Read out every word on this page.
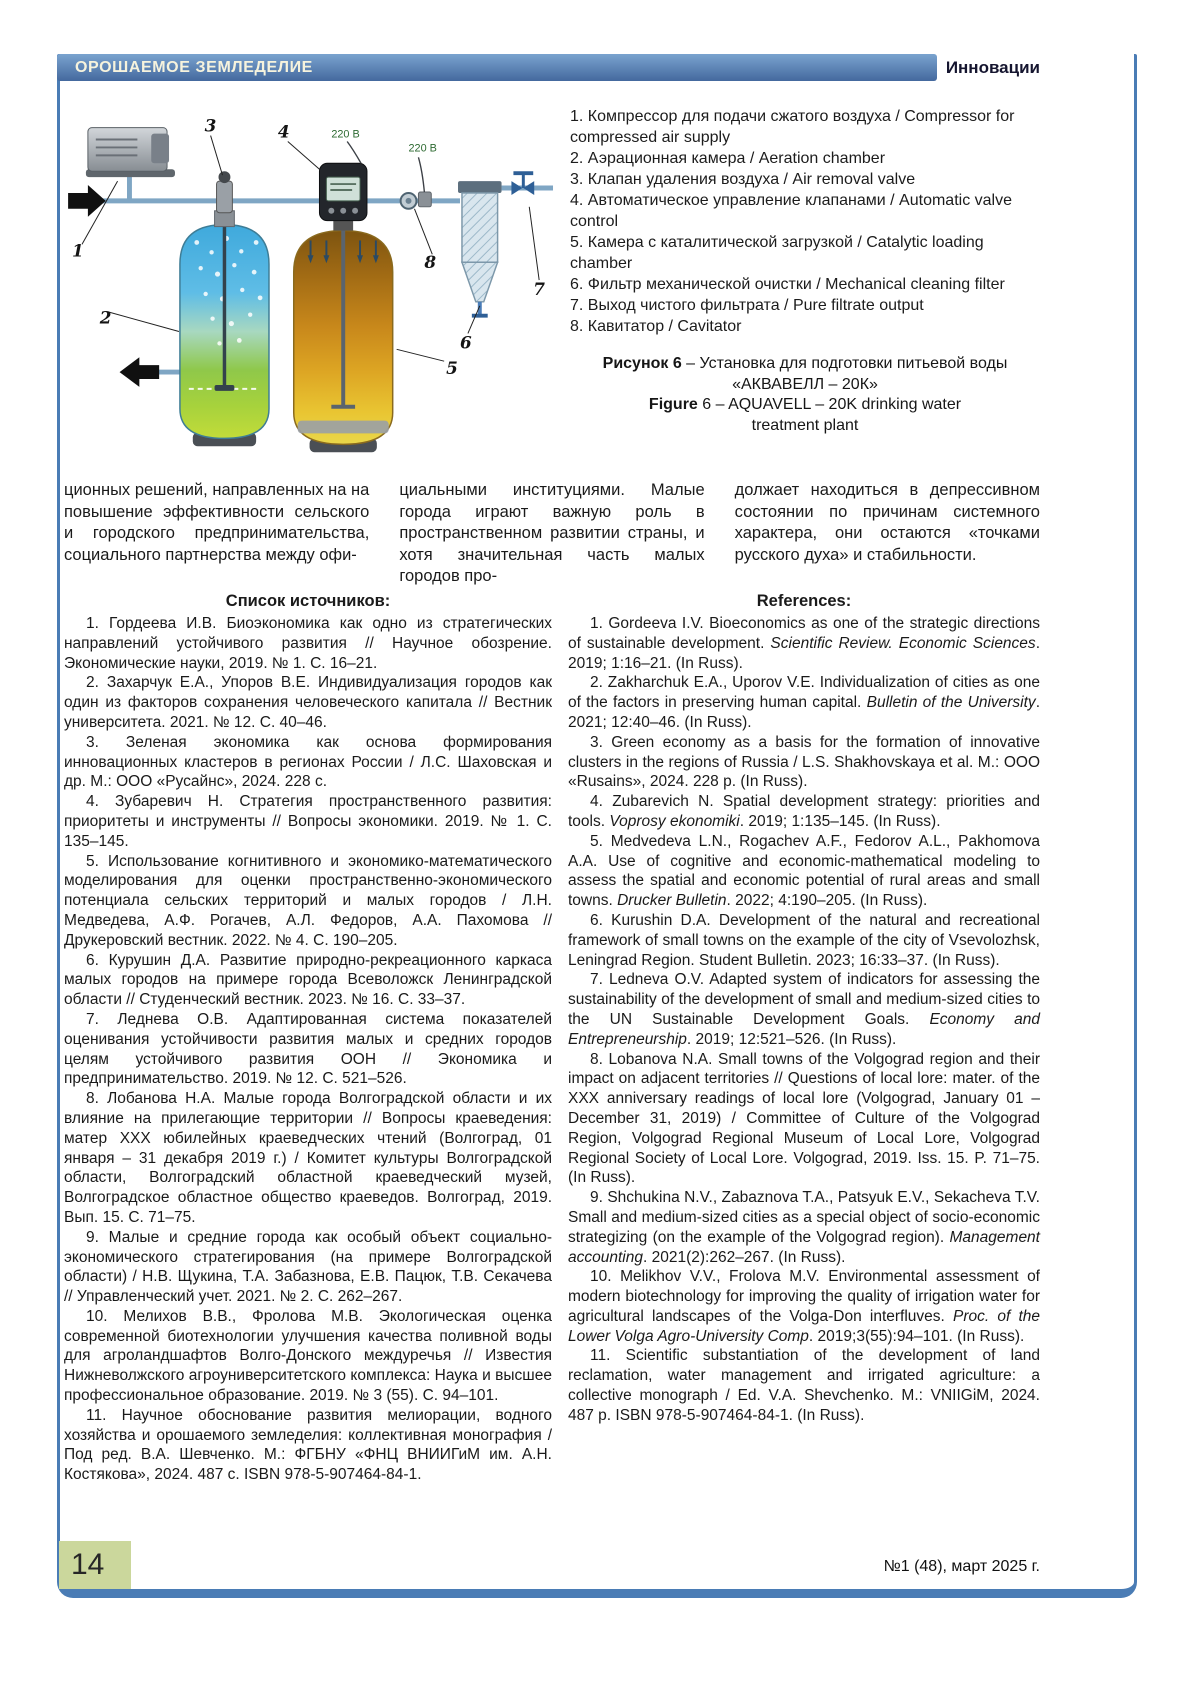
ОРОШАЕМОЕ ЗЕМЛЕДЕЛИЕ	Инновации
220 В
220 В
1
2
3	4
5
6
7
8

1. Компрессор для подачи сжатого воздуха / Compressor for compressed air supply

2. Аэрационная камера / Aeration chamber

3. Клапан удаления воздуха / Air removal valve

4. Автоматическое управление клапанами / Automatic valve control

5. Камера с каталитической загрузкой / Catalytic loading chamber

6. Фильтр механической очистки / Mechanical cleaning filter

7. Выход чистого фильтрата / Pure filtrate output

8. Кавитатор / Cavitator

Рисунок 6 – Установка для подготовки питьевой воды

«АКВАВЕЛЛ – 20К»

Figure 6 – AQUAVELL – 20K drinking water

treatment plant

ционных решений, направленных на на повышение эффективности сельского и городского предпринимательства, социального партнерства между офи-
циальными институциями. Малые города играют важную роль в пространственном развитии страны, и хотя значительная часть малых городов про-
должает находиться в депрессивном состоянии по причинам системного характера, они остаются «точками русского духа» и стабильности.
Список источников:

1. Гордеева И.В. Биоэкономика как одно из стратегических направлений устойчивого развития // Научное обозрение. Экономические науки, 2019. № 1. С. 16–21.

2. Захарчук Е.А., Упоров В.Е. Индивидуализация городов как один из факторов сохранения человеческого капитала // Вестник университета. 2021. № 12. С. 40–46.

3. Зеленая экономика как основа формирования инновационных кластеров в регионах России / Л.С. Шаховская и др. М.: ООО «Русайнс», 2024. 228 с.

4. Зубаревич Н. Стратегия пространственного развития: приоритеты и инструменты // Вопросы экономики. 2019. № 1. С. 135–145.

5. Использование когнитивного и экономико-математического моделирования для оценки пространственно-экономического потенциала сельских территорий и малых городов / Л.Н. Медведева, А.Ф. Рогачев, А.Л. Федоров, А.А. Пахомова // Друкеровский вестник. 2022. № 4. С. 190–205.

6. Курушин Д.А. Развитие природно-рекреационного каркаса малых городов на примере города Всеволожск Ленинградской области // Студенческий вестник. 2023. № 16. С. 33–37.

7. Леднева О.В. Адаптированная система показателей оценивания устойчивости развития малых и средних городов целям устойчивого развития ООН // Экономика и предпринимательство. 2019. № 12. С. 521–526.

8. Лобанова Н.А. Малые города Волгоградской области и их влияние на прилегающие территории // Вопросы краеведения: матер XXX юбилейных краеведческих чтений (Волгоград, 01 января – 31 декабря 2019 г.) / Комитет культуры Волгоградской области, Волгоградский областной краеведческий музей, Волгоградское областное общество краеведов. Волгоград, 2019. Вып. 15. С. 71–75.

9. Малые и средние города как особый объект социально-экономического стратегирования (на примере Волгоградской области) / Н.В. Щукина, Т.А. Забазнова, Е.В. Пацюк, Т.В. Секачева // Управленческий учет. 2021. № 2. С. 262–267.

10. Мелихов В.В., Фролова М.В. Экологическая оценка современной биотехнологии улучшения качества поливной воды для агроландшафтов Волго-Донского междуречья // Известия Нижневолжского агроуниверситетского комплекса: Наука и высшее профессиональное образование. 2019. № 3 (55). С. 94–101.

11. Научное обоснование развития мелиорации, водного хозяйства и орошаемого земледелия: коллективная монография / Под ред. В.А. Шевченко. М.: ФГБНУ «ФНЦ ВНИИГиМ им. А.Н. Костякова», 2024. 487 с. ISBN 978-5-907464-84-1.

References:

1. Gordeeva I.V. Bioeconomics as one of the strategic directions of sustainable development. Scientific Review. Economic Sciences. 2019; 1:16–21. (In Russ).

2. Zakharchuk E.A., Uporov V.E. Individualization of cities as one of the factors in preserving human capital. Bulletin of the University. 2021; 12:40–46. (In Russ).

3. Green economy as a basis for the formation of innovative clusters in the regions of Russia / L.S. Shakhovskaya et al. M.: OOO «Rusains», 2024. 228 p. (In Russ).

4. Zubarevich N. Spatial development strategy: priorities and tools. Voprosy ekonomiki. 2019; 1:135–145. (In Russ).

5. Medvedeva L.N., Rogachev A.F., Fedorov A.L., Pakhomova A.A. Use of cognitive and economic-mathematical modeling to assess the spatial and economic potential of rural areas and small towns. Drucker Bulletin. 2022; 4:190–205. (In Russ).

6. Kurushin D.A. Development of the natural and recreational framework of small towns on the example of the city of Vsevolozhsk, Leningrad Region. Student Bulletin. 2023; 16:33–37. (In Russ).

7. Ledneva O.V. Adapted system of indicators for assessing the sustainability of the development of small and medium-sized cities to the UN Sustainable Development Goals. Economy and Entrepreneurship. 2019; 12:521–526. (In Russ).

8. Lobanova N.A. Small towns of the Volgograd region and their impact on adjacent territories // Questions of local lore: mater. of the XXX anniversary readings of local lore (Volgograd, January 01 – December 31, 2019) / Committee of Culture of the Volgograd Region, Volgograd Regional Museum of Local Lore, Volgograd Regional Society of Local Lore. Volgograd, 2019. Iss. 15. P. 71–75. (In Russ).

9. Shchukina N.V., Zabaznova T.A., Patsyuk E.V., Sekacheva T.V. Small and medium-sized cities as a special object of socio-economic strategizing (on the example of the Volgograd region). Management accounting. 2021(2):262–267. (In Russ).

10. Melikhov V.V., Frolova M.V. Environmental assessment of modern biotechnology for improving the quality of irrigation water for agricultural landscapes of the Volga-Don interfluves. Proc. of the Lower Volga Agro-University Comp. 2019;3(55):94–101. (In Russ).

11. Scientific substantiation of the development of land reclamation, water management and irrigated agriculture: a collective monograph / Ed. V.A. Shevchenko. M.: VNIIGiM, 2024. 487 p. ISBN 978-5-907464-84-1. (In Russ).

14	№1 (48), март 2025 г.
